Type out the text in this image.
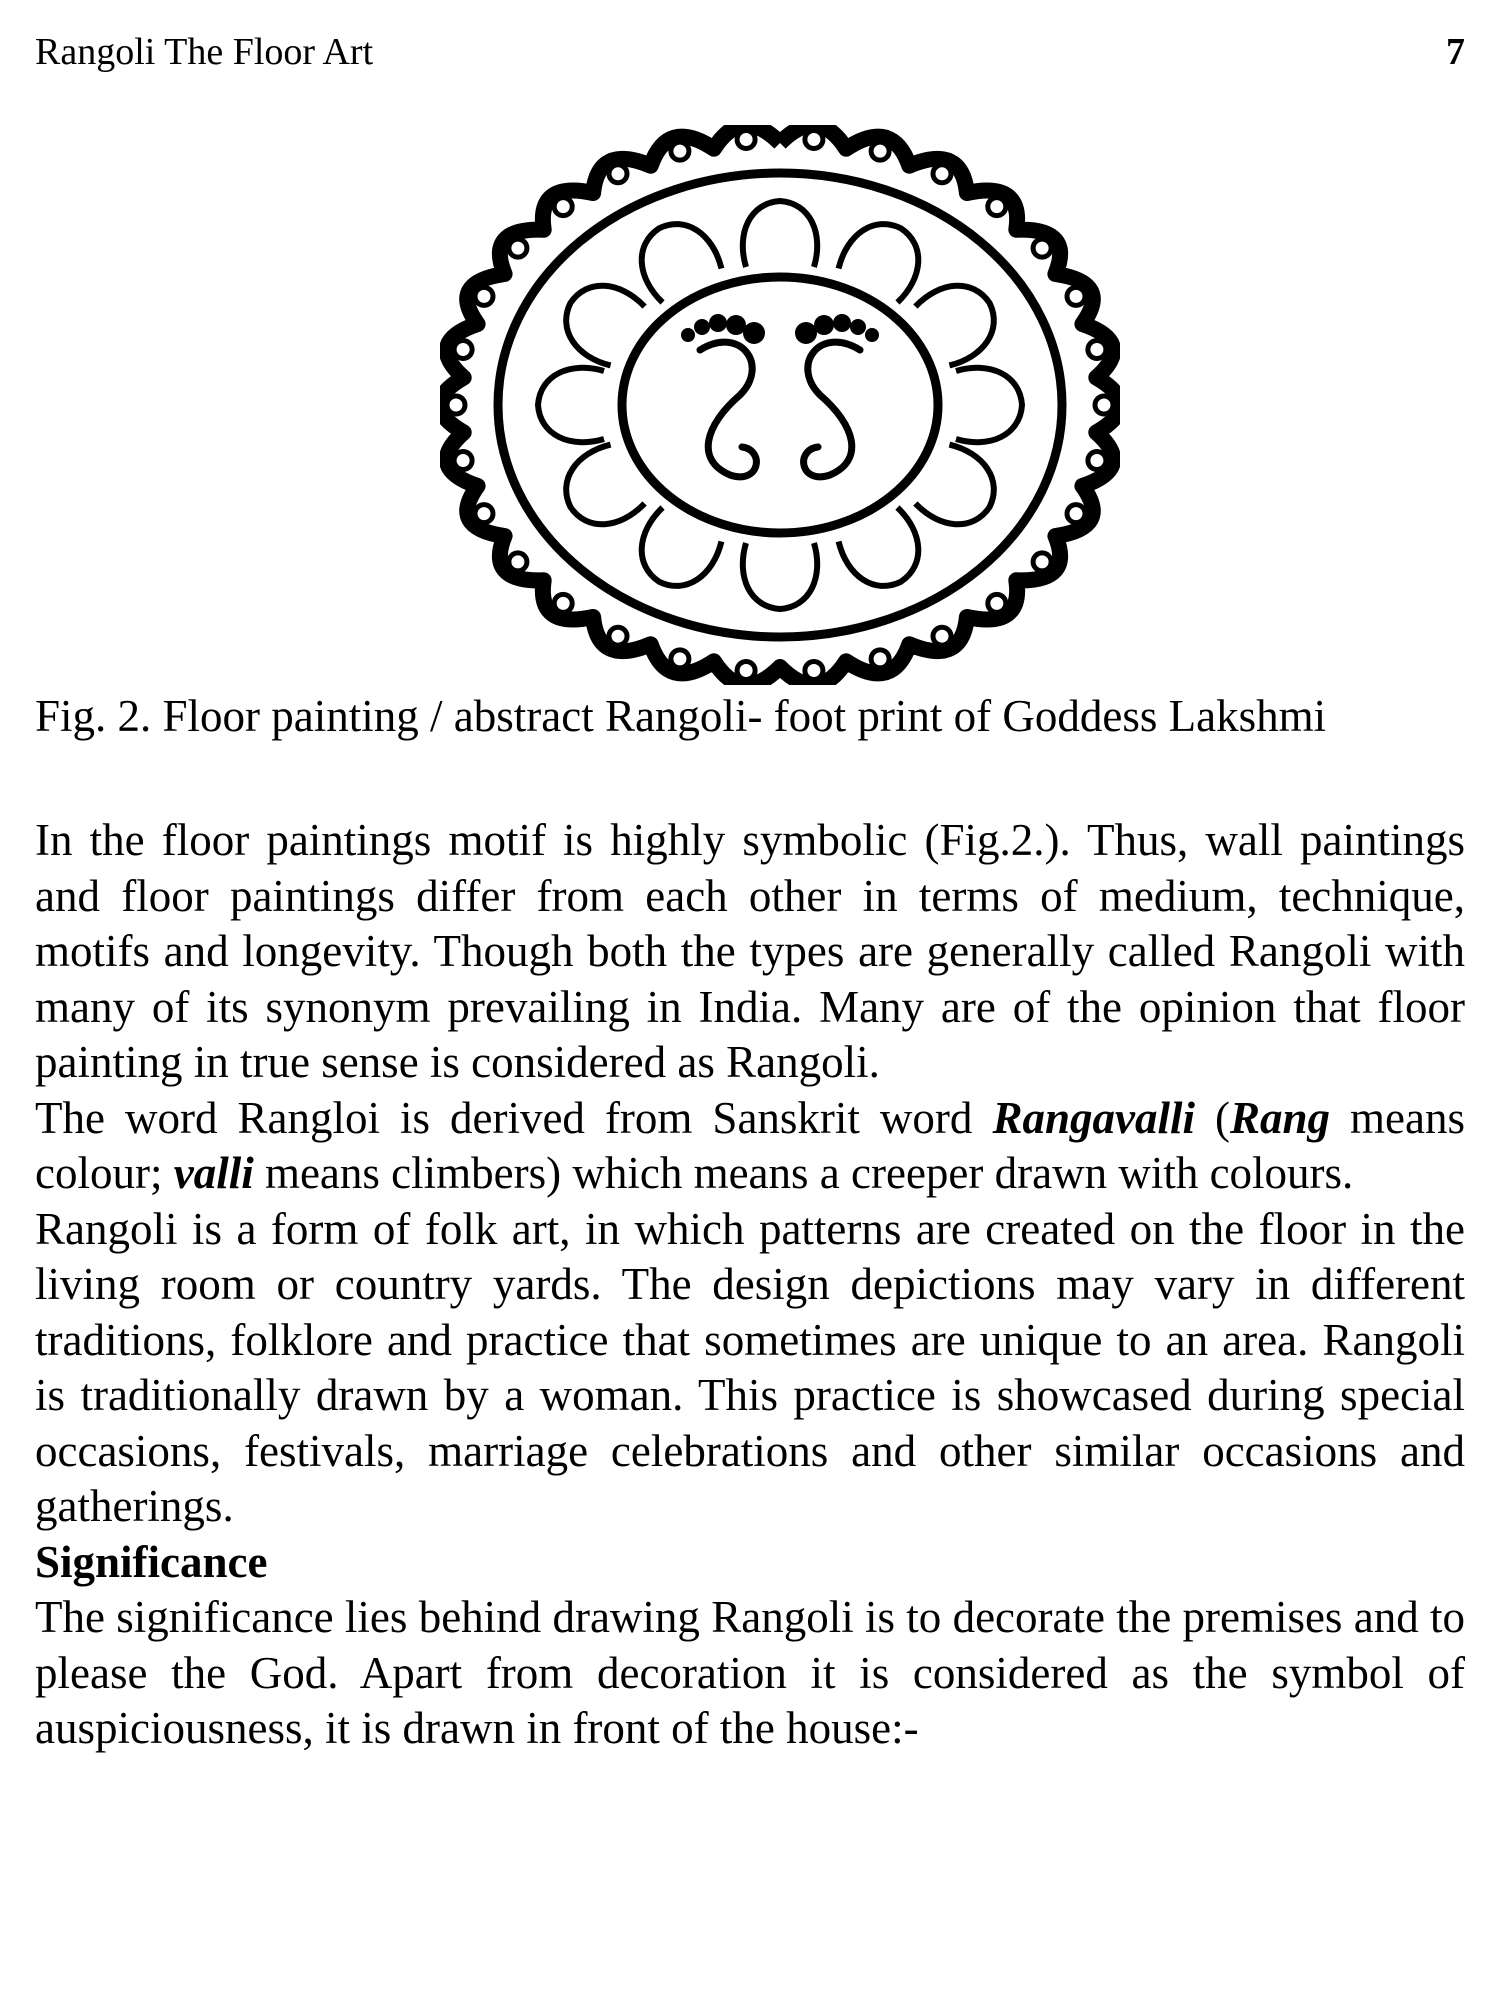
Rangoli The Floor Art	7
Fig. 2. Floor painting / abstract Rangoli- foot print of Goddess Lakshmi

In the floor paintings motif is highly symbolic (Fig.2.). Thus, wall paintings and floor paintings differ from each other in terms of medium, technique, motifs and longevity. Though both the types are generally called Rangoli with many of its synonym prevailing in India. Many are of the opinion that floor painting in true sense is considered as Rangoli.

The word Rangloi is derived from Sanskrit word Rangavalli (Rang means colour; valli means climbers) which means a creeper drawn with colours.

Rangoli is a form of folk art, in which patterns are created on the floor in the living room or country yards. The design depictions may vary in different traditions, folklore and practice that sometimes are unique to an area. Rangoli is traditionally drawn by a woman. This practice is showcased during special occasions, festivals, marriage celebrations and other similar occasions and gatherings.

Significance

The significance lies behind drawing Rangoli is to decorate the premises and to please the God. Apart from decoration it is considered as the symbol of auspiciousness, it is drawn in front of the house:-
